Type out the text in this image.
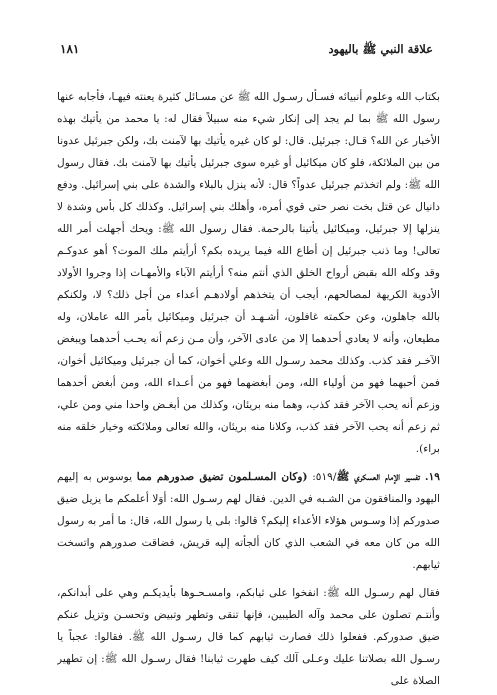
علاقة النبي ﷺ باليهود
١٨١

بكتاب الله وعلوم أنبيائه فسـأل رسـول الله ﷺ عن مسـائل كثيرة يعنته فيهـا، فأجابه عنها رسول الله ﷺ بما لم يجد إلى إنكار شيء منه سبيلاً فقال له: يا محمد من يأتيك بهذه الأخبار عن الله؟ قـال: جبرئيل. قال: لو كان غيره يأتيك بها لآمنت بك، ولكن جبرئيل عدونا من بين الملائكة، فلو كان ميكائيل أو غيره سوى جبرئيل يأتيك بها لآمنت بك. فقال رسول الله ﷺ: ولم اتخذتم جبرئيل عدواً؟ قال: لأنه ينزل بالبلاء والشدة على بني إسرائيل. ودفع دانيال عن قتل بخت نصر حتى قوي أمره، وأهلك بني إسرائيل. وكذلك كل بأس وشدة لا ينزلها إلا جبرئيل، وميكائيل يأتينا بالرحمة. فقال رسول الله ﷺ: ويحك أجهلت أمر الله تعالى! وما ذنب جبرئيل إن أطاع الله فيما يريده بكم؟ أرأيتم ملك الموت؟ أهو عدوكـم وقد وكله الله بقبض أرواح الخلق الذي أنتم منه؟ أرأيتم الآباء والأمهـات إذا وجروا الأولاد الأدوية الكريهة لمصالحهم، أيجب أن يتخذهم أولادهـم أعداء من أجل ذلك؟ لا، ولكنكم بالله جاهلون، وعن حكمته غافلون، أشـهـد أن جبرئيل وميكائيل بأمر الله عاملان، وله مطيعان، وأنه لا يعادي أحدهما إلا من عادى الآخر، وأن مـن زعم أنه يحـب أحدهما ويبغض الآخـر فقد كذب. وكذلك محمد رسـول الله وعلي أخوان، كما أن جبرئيل وميكائيل أخوان، فمن أحبهما فهو من أولياء الله، ومن أبغضهما فهو من أعـداء الله، ومن أبغض أحدهما وزعم أنه يحب الآخر فقد كذب، وهما منه بريئان، وكذلك من أبغـض واحدا مني ومن علي، ثم زعم أنه يحب الآخر فقد كذب، وكلانا منه بريئان، والله تعالى وملائكته وخيار خلقه منه براء).

١٩. تفسير الإمام العسكري ﷺ/٥١٩: (وكان المسـلمون تضيق صدورهم مما يوسوس به إليهم اليهود والمنافقون من الشـبه في الدين. فقال لهم رسـول الله: أوَلا أعلمكم ما يزيل ضيق صدوركم إذا وسـوس هؤلاء الأعداء إليكم؟ قالوا: بلى يا رسول الله، قال: ما أمر به رسول الله من كان معه في الشعب الذي كان ألجأته إليه قريش، فضاقت صدورهم واتسخت ثيابهم.

فقال لهم رسـول الله ﷺ: انفخوا على ثيابكم، وامسـحـوها بأيديكـم وهي على أبدانكم، وأنتـم تصلون على محمد وآله الطيبين، فإنها تنقى وتطهر وتبيض وتحسـن وتزيل عنكم ضيق صدوركم. ففعلوا ذلك فصارت ثيابهم كما قال رسـول الله ﷺ. فقالوا: عجباً يا رسـول الله بصلاتنا عليك وعـلى آلك كيف طهرت ثيابنا! فقال رسـول الله ﷺ: إن تطهير الصلاة على
